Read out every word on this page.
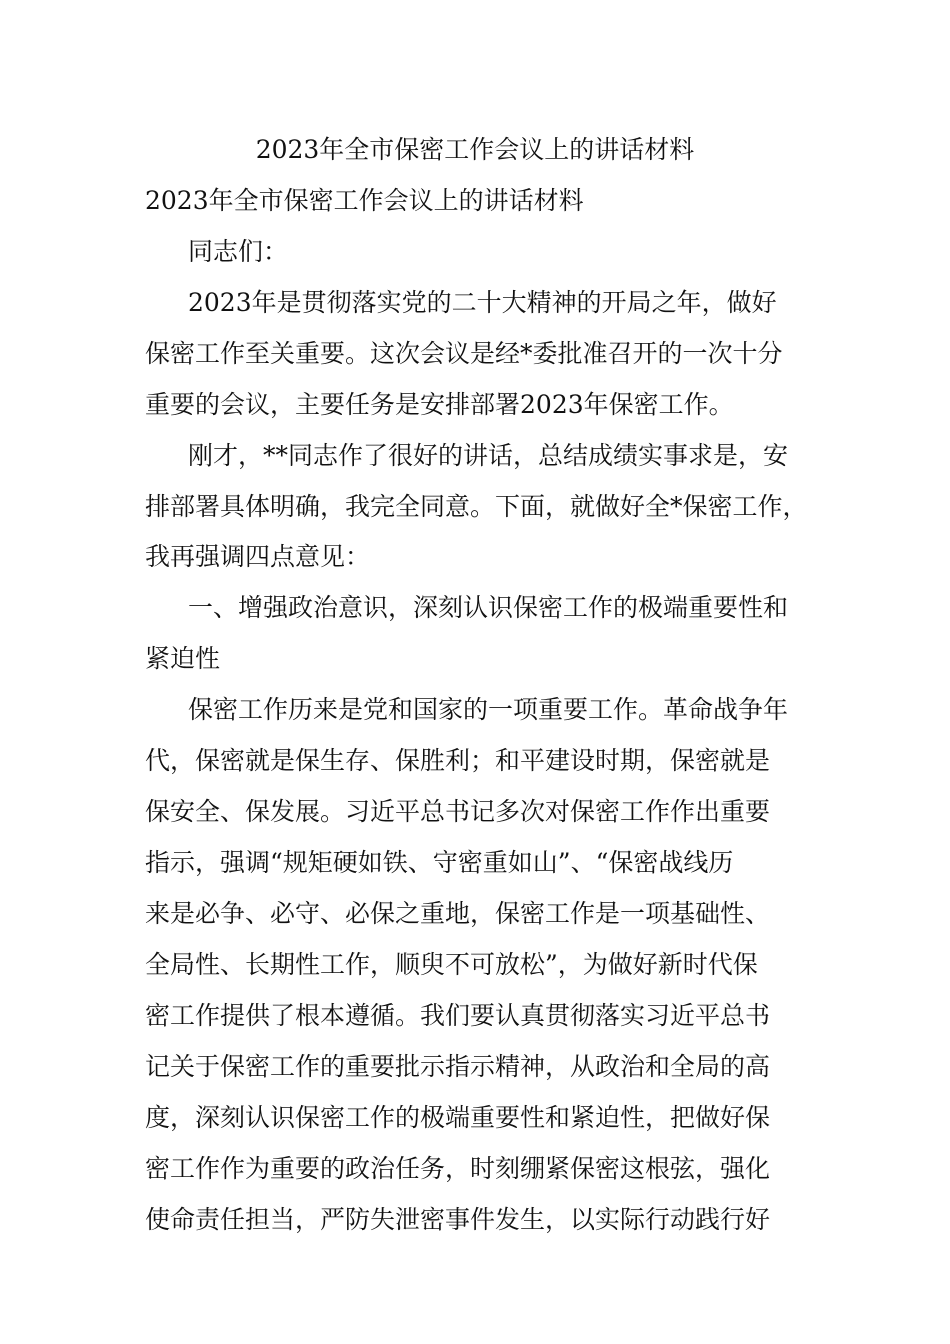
2023年全市保密工作会议上的讲话材料
2023年全市保密工作会议上的讲话材料
同志们：
2023年是贯彻落实党的二十大精神的开局之年，做好
保密工作至关重要。这次会议是经*委批准召开的一次十分
重要的会议，主要任务是安排部署2023年保密工作。
刚才，**同志作了很好的讲话，总结成绩实事求是，安
排部署具体明确，我完全同意。下面，就做好全*保密工作，
我再强调四点意见：
一、增强政治意识，深刻认识保密工作的极端重要性和
紧迫性
保密工作历来是党和国家的一项重要工作。革命战争年
代，保密就是保生存、保胜利；和平建设时期，保密就是
保安全、保发展。习近平总书记多次对保密工作作出重要
指示，强调“规矩硬如铁、守密重如山”、“保密战线历
来是必争、必守、必保之重地，保密工作是一项基础性、
全局性、长期性工作，顺臾不可放松”，为做好新时代保
密工作提供了根本遵循。我们要认真贯彻落实习近平总书
记关于保密工作的重要批示指示精神，从政治和全局的高
度，深刻认识保密工作的极端重要性和紧迫性，把做好保
密工作作为重要的政治任务，时刻绷紧保密这根弦，强化
使命责任担当，严防失泄密事件发生，以实际行动践行好
